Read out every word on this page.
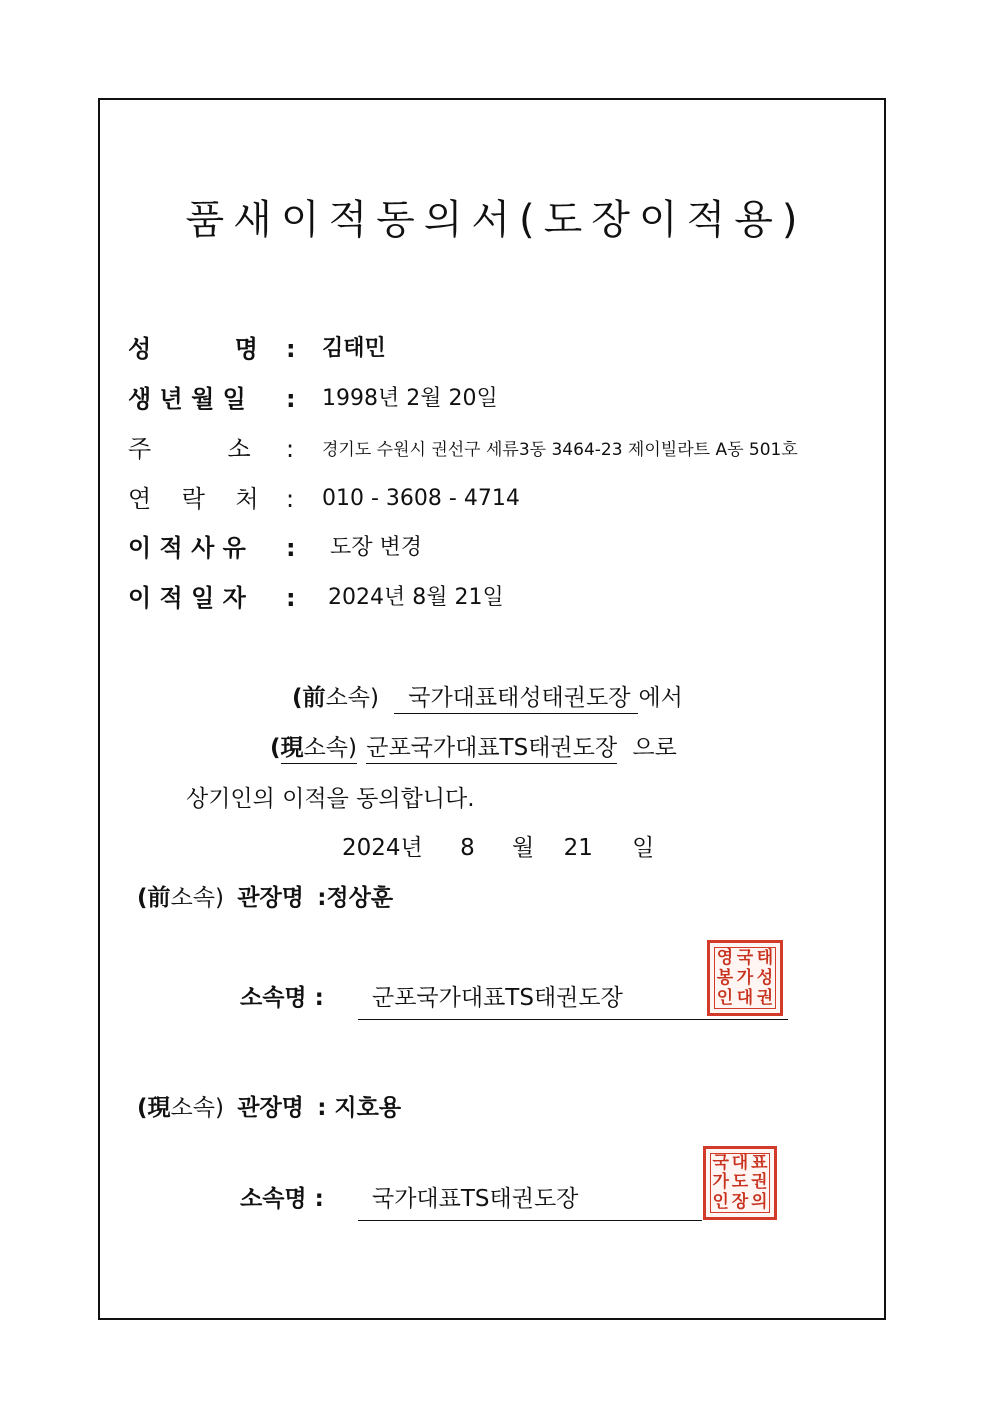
품새이적동의서(도장이적용)
성          명 : 김태민
생 년 월 일 : 1998년 2월 20일
주          소 : 경기도 수원시 권선구 세류3동 3464-23 제이빌라트 A동 501호
연    락    처 : 010 - 3608 - 4714
이 적 사 유 : 도장 변경
이 적 일 자 : 2024년 8월 21일
(前소속) 국가대표태성태권도장 에서
(現소속) 군포국가대표TS태권도장 으로
상기인의 이적을 동의합니다.
2024년 8 월 21 일
(前소속) 관장명 :정상훈
소속명 : 군포국가대표TS태권도장
영 국 태
봉 가 성
인 대 권
(現소속) 관장명 : 지호용
소속명 : 국가대표TS태권도장
국 대 표
가 도 권
인 장 의
